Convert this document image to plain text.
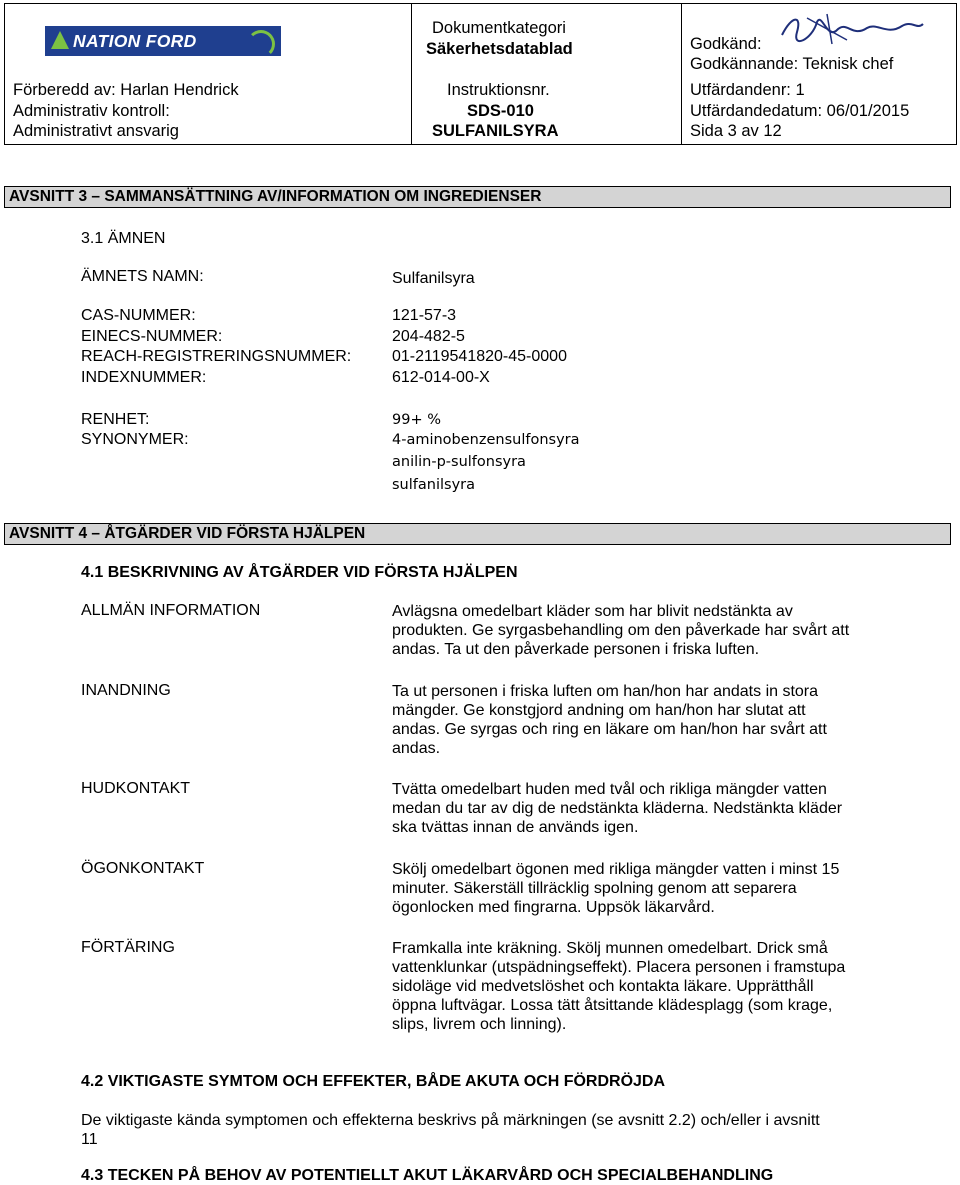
NATION FORD CHEMICAL
Förberedd av: Harlan Hendrick
Administrativ kontroll:
Administrativt ansvarig
Dokumentkategori
Säkerhetsdatablad
Instruktionsnr.
SDS-010
SULFANILSYRA
Godkänd:
Godkännande: Teknisk chef
Utfärdandenr: 1
Utfärdandedatum: 06/01/2015
Sida 3 av 12
AVSNITT 3 – SAMMANSÄTTNING AV/INFORMATION OM INGREDIENSER
3.1 ÄMNEN
ÄMNETS NAMN:	Sulfanilsyra
CAS-NUMMER:	121-57-3
EINECS-NUMMER:	204-482-5
REACH-REGISTRERINGSNUMMER:	01-2119541820-45-0000
INDEXNUMMER:	612-014-00-X
RENHET:	99+ %
SYNONYMER:	4-aminobenzensulfonsyra
anilin-p-sulfonsyra
sulfanilsyra
AVSNITT 4 – ÅTGÄRDER VID FÖRSTA HJÄLPEN
4.1 BESKRIVNING AV ÅTGÄRDER VID FÖRSTA HJÄLPEN
ALLMÄN INFORMATION	Avlägsna omedelbart kläder som har blivit nedstänkta av
produkten. Ge syrgasbehandling om den påverkade har svårt att
andas. Ta ut den påverkade personen i friska luften.
INANDNING	Ta ut personen i friska luften om han/hon har andats in stora
mängder. Ge konstgjord andning om han/hon har slutat att
andas. Ge syrgas och ring en läkare om han/hon har svårt att
andas.
HUDKONTAKT	Tvätta omedelbart huden med tvål och rikliga mängder vatten
medan du tar av dig de nedstänkta kläderna. Nedstänkta kläder
ska tvättas innan de används igen.
ÖGONKONTAKT	Skölj omedelbart ögonen med rikliga mängder vatten i minst 15
minuter. Säkerställ tillräcklig spolning genom att separera
ögonlocken med fingrarna. Uppsök läkarvård.
FÖRTÄRING	Framkalla inte kräkning. Skölj munnen omedelbart. Drick små
vattenklunkar (utspädningseffekt). Placera personen i framstupa
sidoläge vid medvetslöshet och kontakta läkare. Upprätthåll
öppna luftvägar. Lossa tätt åtsittande klädesplagg (som krage,
slips, livrem och linning).
4.2 VIKTIGASTE SYMTOM OCH EFFEKTER, BÅDE AKUTA OCH FÖRDRÖJDA
De viktigaste kända symptomen och effekterna beskrivs på märkningen (se avsnitt 2.2) och/eller i avsnitt
11
4.3 TECKEN PÅ BEHOV AV POTENTIELLT AKUT LÄKARVÅRD OCH SPECIALBEHANDLING
